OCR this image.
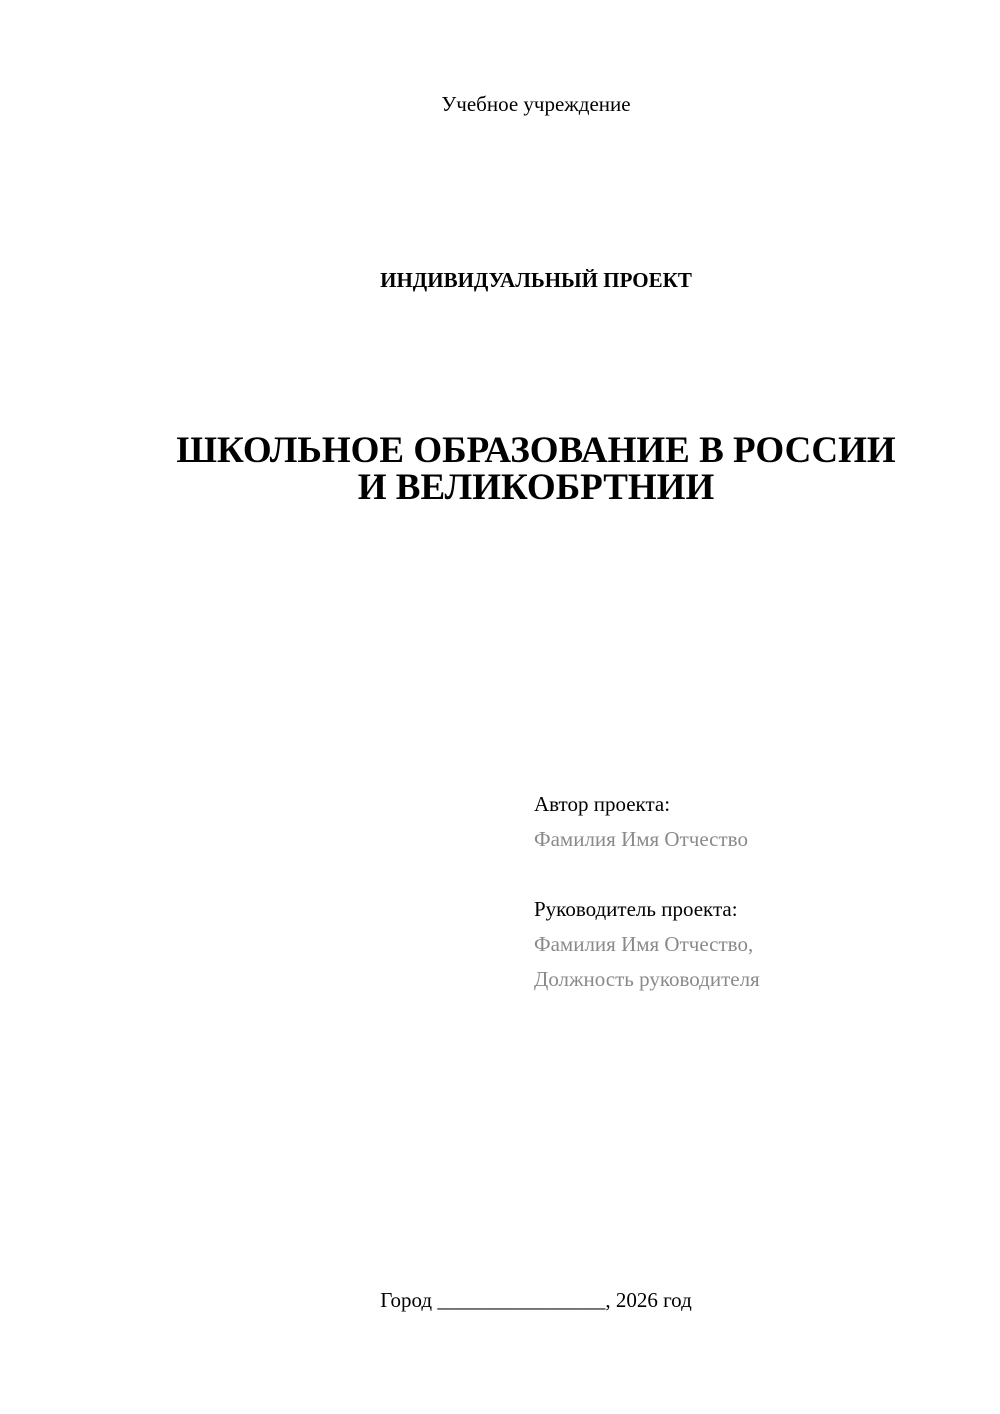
Учебное учреждение
ИНДИВИДУАЛЬНЫЙ ПРОЕКТ
ШКОЛЬНОЕ ОБРАЗОВАНИЕ В РОССИИ
И ВЕЛИКОБРТНИИ
Автор проекта:
Фамилия Имя Отчество
Руководитель проекта:
Фамилия Имя Отчество,
Должность руководителя
Город ________________, 2026 год
